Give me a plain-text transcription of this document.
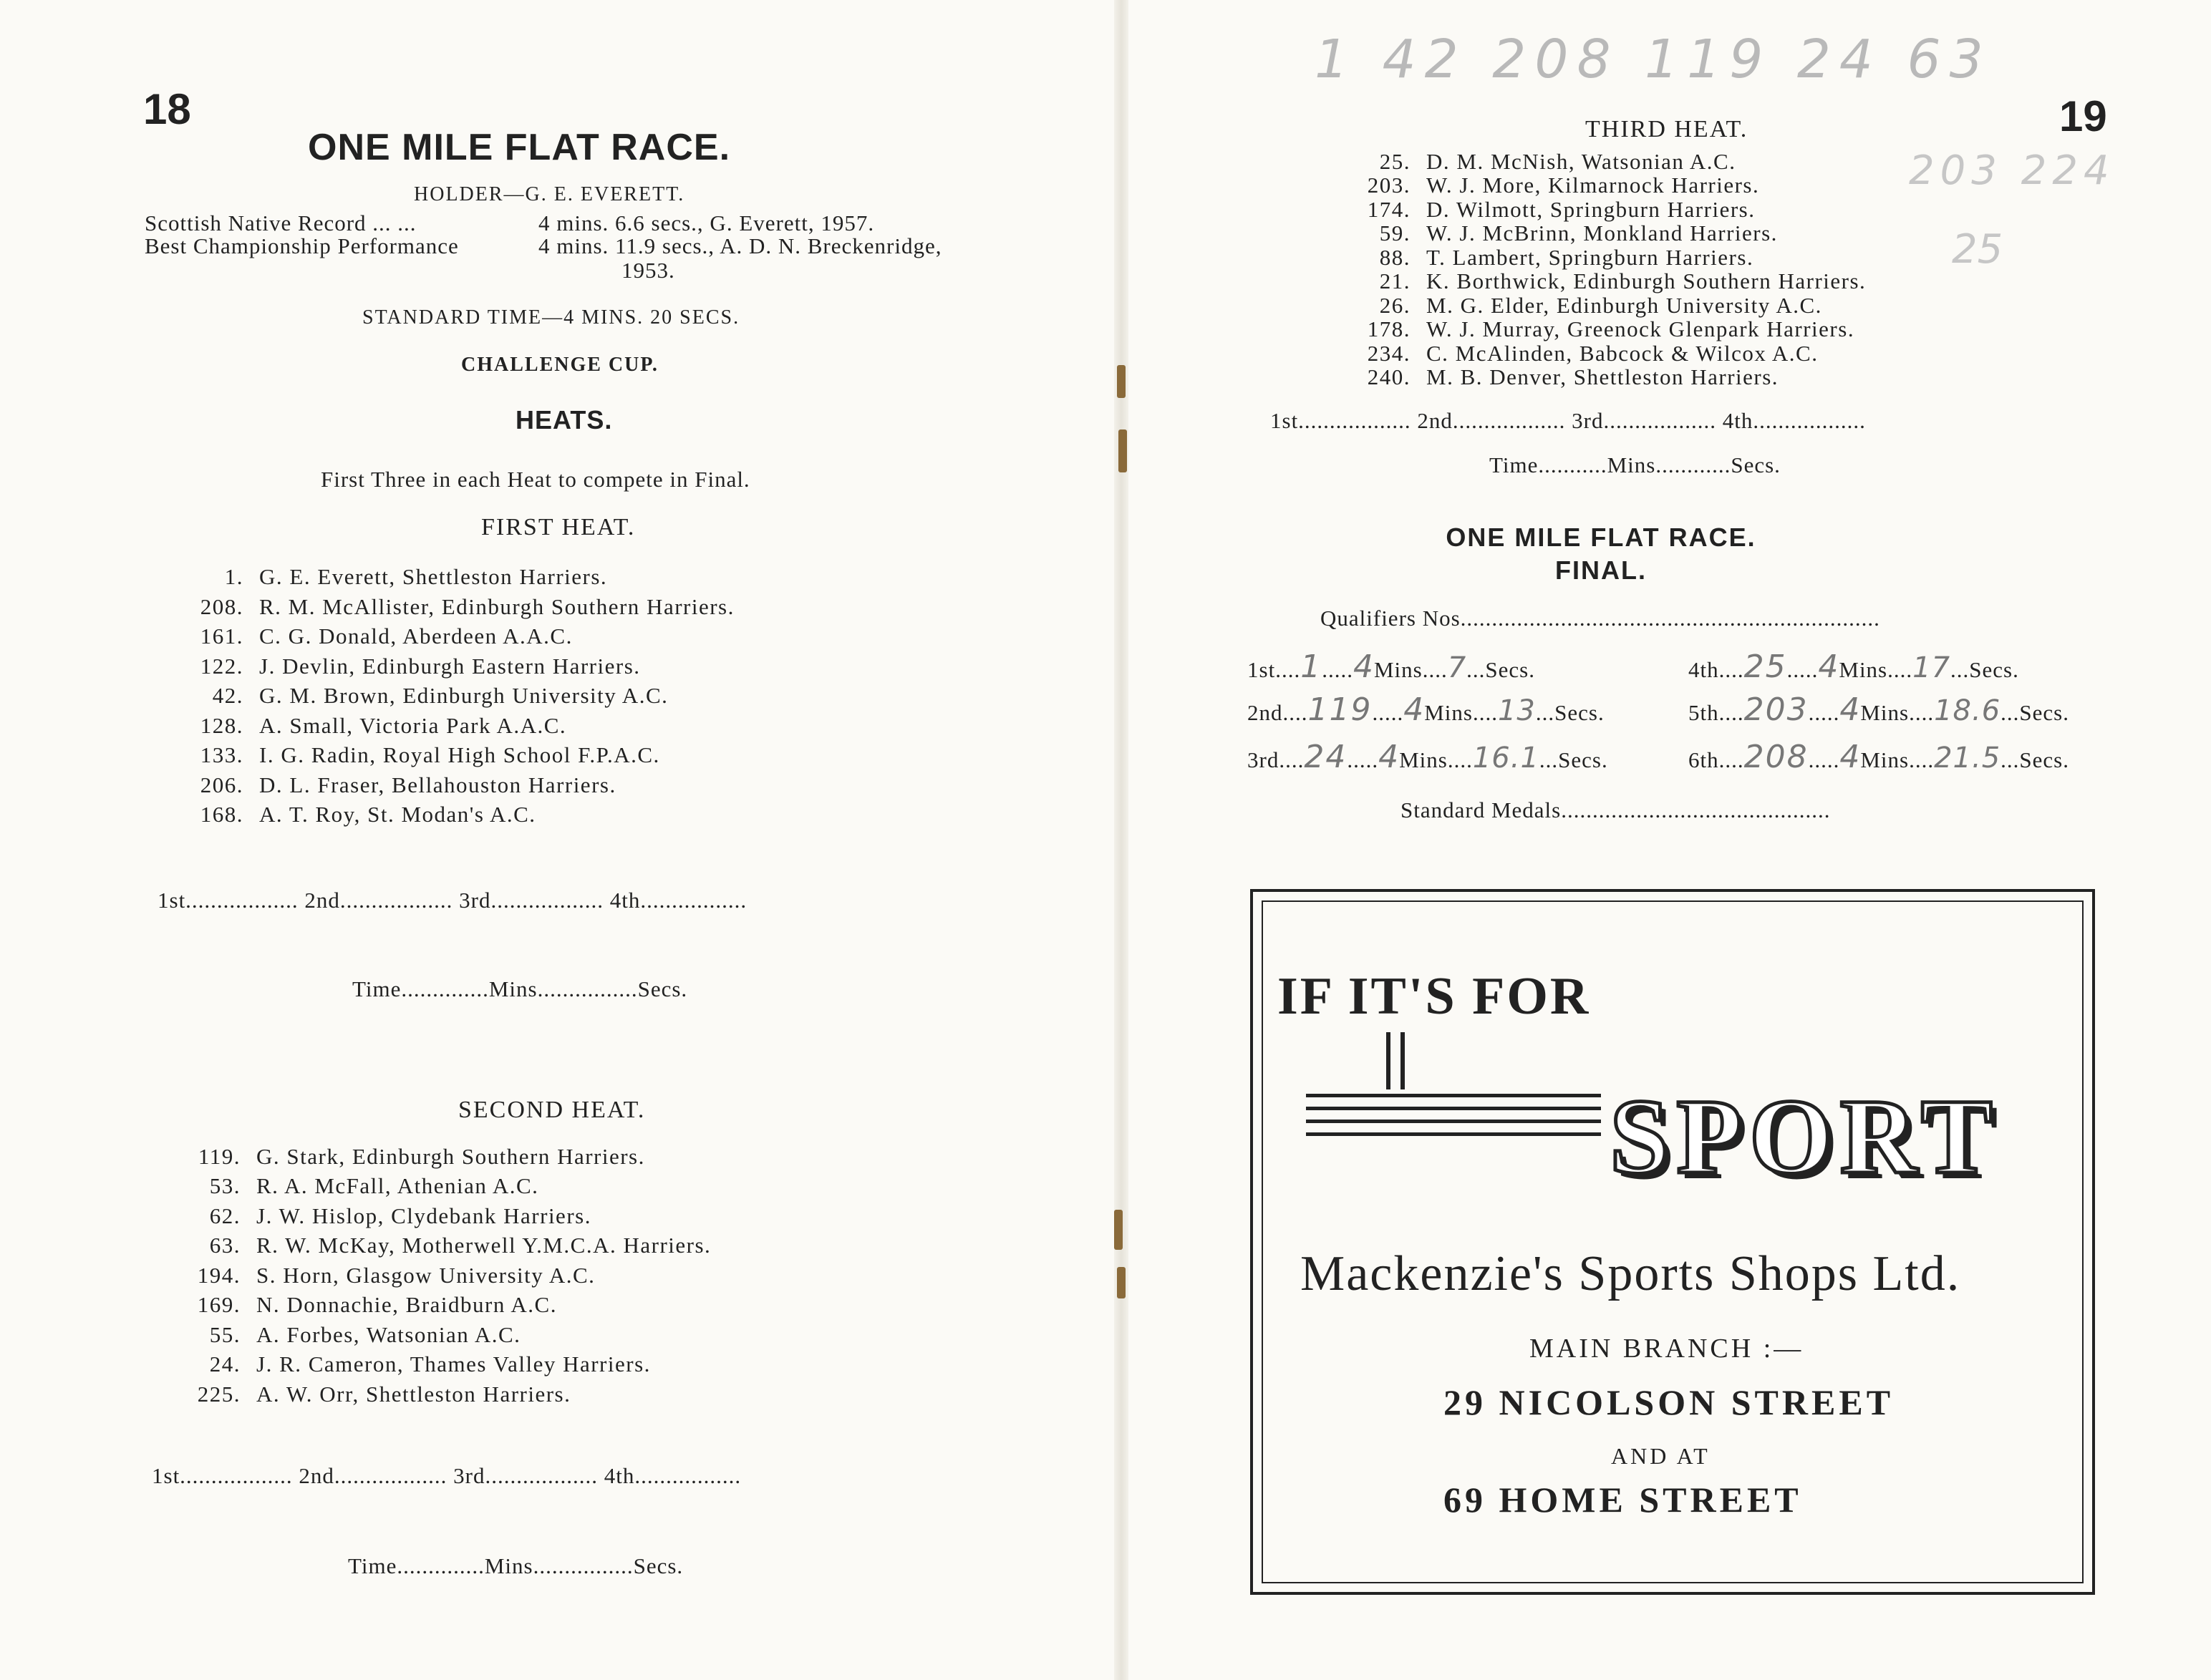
18
ONE MILE FLAT RACE.
HOLDER—G. E. EVERETT.
Scottish Native Record ... ...	4 mins. 6.6 secs., G. Everett, 1957.
Best Championship Performance	4 mins. 11.9 secs., A. D. N. Breckenridge,
1953.
STANDARD TIME—4 MINS. 20 SECS.
CHALLENGE CUP.
HEATS.
First Three in each Heat to compete in Final.
FIRST HEAT.
1. G. E. Everett, Shettleston Harriers.
208. R. M. McAllister, Edinburgh Southern Harriers.
161. C. G. Donald, Aberdeen A.A.C.
122. J. Devlin, Edinburgh Eastern Harriers.
42. G. M. Brown, Edinburgh University A.C.
128. A. Small, Victoria Park A.A.C.
133. I. G. Radin, Royal High School F.P.A.C.
206. D. L. Fraser, Bellahouston Harriers.
168. A. T. Roy, St. Modan's A.C.
1st.................. 2nd.................. 3rd.................. 4th.................
Time..............Mins................Secs.
SECOND HEAT.
119. G. Stark, Edinburgh Southern Harriers.
53. R. A. McFall, Athenian A.C.
62. J. W. Hislop, Clydebank Harriers.
63. R. W. McKay, Motherwell Y.M.C.A. Harriers.
194. S. Horn, Glasgow University A.C.
169. N. Donnachie, Braidburn A.C.
55. A. Forbes, Watsonian A.C.
24. J. R. Cameron, Thames Valley Harriers.
225. A. W. Orr, Shettleston Harriers.
1st.................. 2nd.................. 3rd.................. 4th.................
Time..............Mins................Secs.
1 42 208 119 24 63
203 224
25
19
THIRD HEAT.
25. D. M. McNish, Watsonian A.C.
203. W. J. More, Kilmarnock Harriers.
174. D. Wilmott, Springburn Harriers.
59. W. J. McBrinn, Monkland Harriers.
88. T. Lambert, Springburn Harriers.
21. K. Borthwick, Edinburgh Southern Harriers.
26. M. G. Elder, Edinburgh University A.C.
178. W. J. Murray, Greenock Glenpark Harriers.
234. C. McAlinden, Babcock & Wilcox A.C.
240. M. B. Denver, Shettleston Harriers.
1st.................. 2nd.................. 3rd.................. 4th..................
Time...........Mins............Secs.
ONE MILE FLAT RACE.
FINAL.
Qualifiers Nos...................................................................
1st....1.....4Mins....7...Secs.
2nd....119.....4Mins....13...Secs.
3rd....24.....4Mins....16.1...Secs.
4th....25.....4Mins....17...Secs.
5th....203.....4Mins....18.6...Secs.
6th....208.....4Mins....21.5...Secs.
Standard Medals...........................................
IF IT'S FOR
SPORT
Mackenzie's Sports Shops Ltd.
MAIN BRANCH :—
29 NICOLSON STREET
AND AT
69 HOME STREET
